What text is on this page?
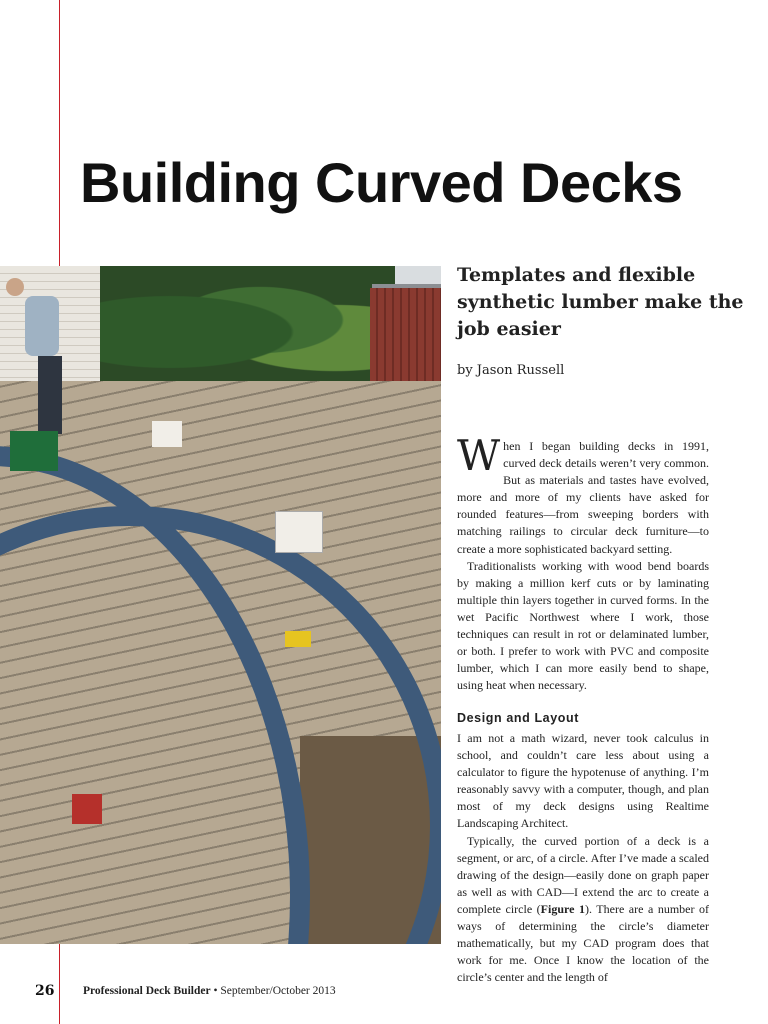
Building Curved Decks
Templates and flexible synthetic lumber make the job easier

by Jason Russell

When I began building decks in 1991, curved deck details weren’t very common. But as materials and tastes have evolved, more and more of my clients have asked for rounded features—from sweeping borders with matching railings to circular deck furniture—to create a more sophisticated backyard setting.

Traditionalists working with wood bend boards by making a million kerf cuts or by laminating multiple thin layers together in curved forms. In the wet Pacific Northwest where I work, those techniques can result in rot or delaminated lumber, or both. I prefer to work with PVC and composite lumber, which I can more easily bend to shape, using heat when necessary.

Design and Layout

I am not a math wizard, never took calculus in school, and couldn’t care less about using a calculator to figure the hypotenuse of anything. I’m reasonably savvy with a computer, though, and plan most of my deck designs using Realtime Landscaping Architect.

Typically, the curved portion of a deck is a segment, or arc, of a circle. After I’ve made a scaled drawing of the design—easily done on graph paper as well as with CAD—I extend the arc to create a complete circle (Figure 1). There are a number of ways of determining the circle’s diameter mathematically, but my CAD program does that work for me. Once I know the location of the circle’s center and the length of

26 Professional Deck Builder • September/October 2013
